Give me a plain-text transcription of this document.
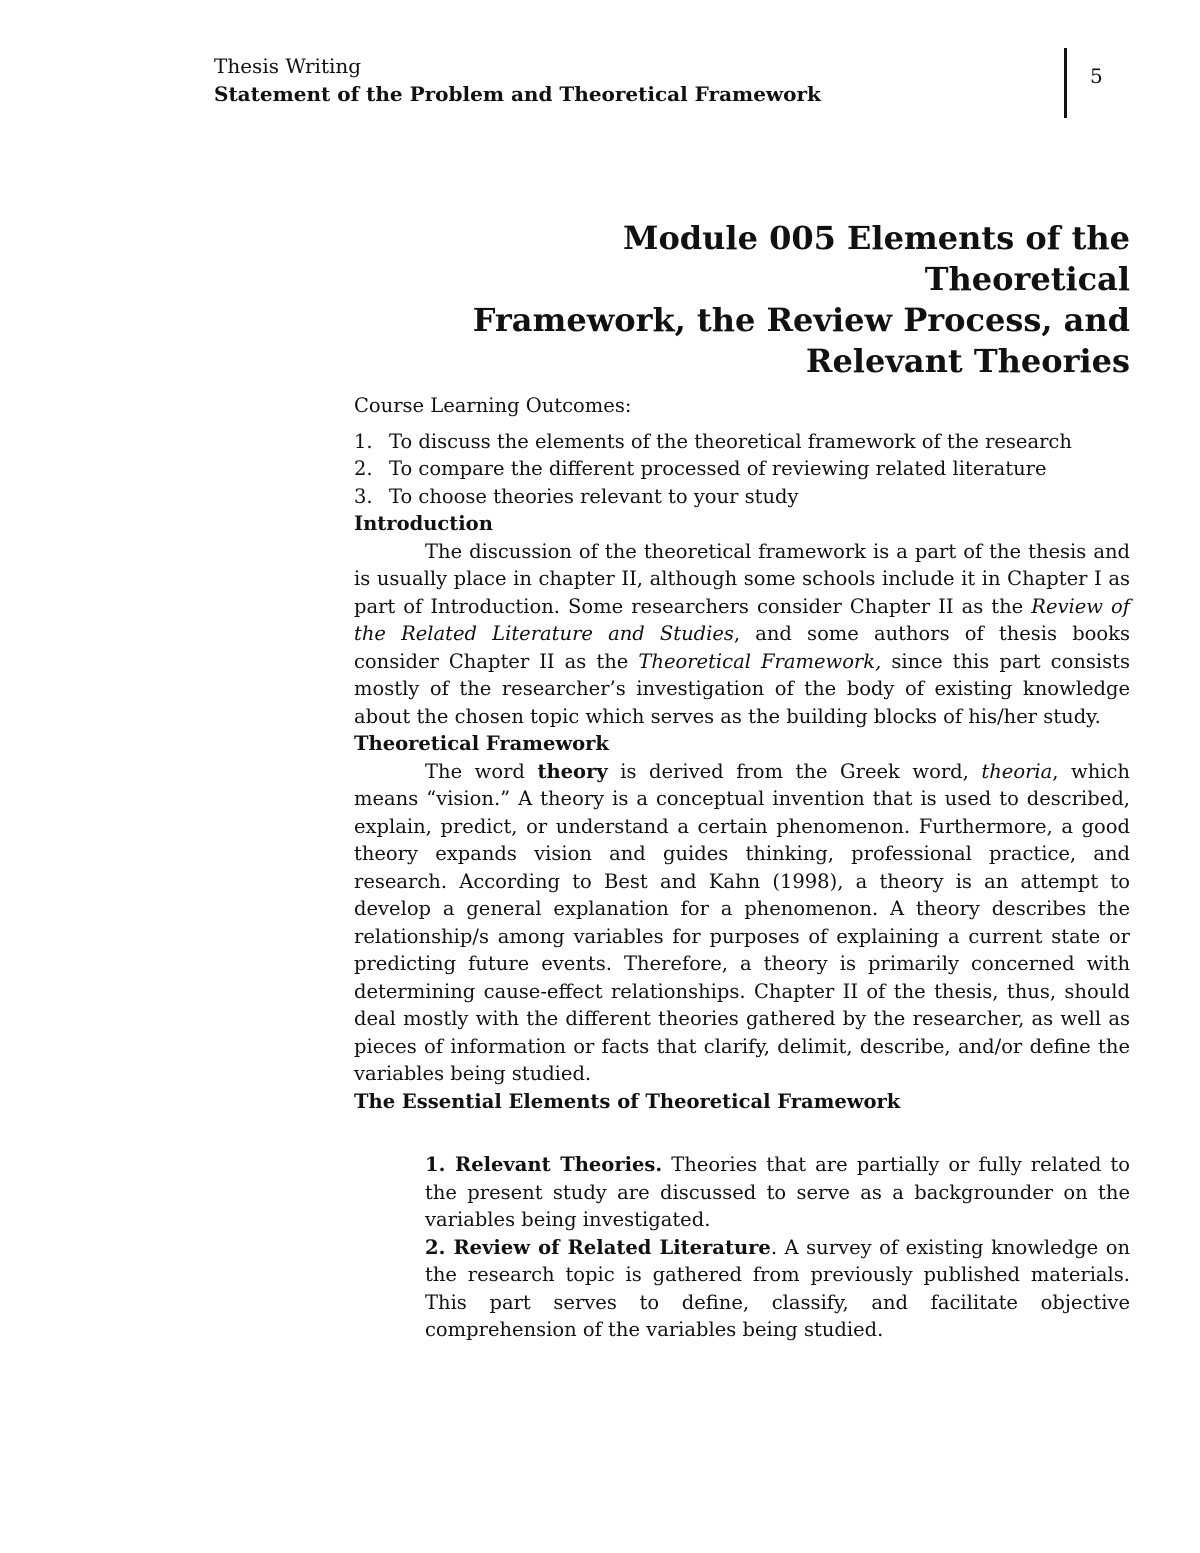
Thesis Writing
Statement of the Problem and Theoretical Framework
5
Module 005 Elements of the Theoretical
Framework, the Review Process, and
Relevant Theories
Course Learning Outcomes:
1. To discuss the elements of the theoretical framework of the research
2. To compare the different processed of reviewing related literature
3. To choose theories relevant to your study
Introduction

The discussion of the theoretical framework is a part of the thesis and is usually place in chapter II, although some schools include it in Chapter I as part of Introduction. Some researchers consider Chapter II as the Review of the Related Literature and Studies, and some authors of thesis books consider Chapter II as the Theoretical Framework, since this part consists mostly of the researcher’s investigation of the body of existing knowledge about the chosen topic which serves as the building blocks of his/her study.

Theoretical Framework

The word theory is derived from the Greek word, theoria, which means “vision.” A theory is a conceptual invention that is used to described, explain, predict, or understand a certain phenomenon. Furthermore, a good theory expands vision and guides thinking, professional practice, and research. According to Best and Kahn (1998), a theory is an attempt to develop a general explanation for a phenomenon. A theory describes the relationship/s among variables for purposes of explaining a current state or predicting future events. Therefore, a theory is primarily concerned with determining cause-effect relationships. Chapter II of the thesis, thus, should deal mostly with the different theories gathered by the researcher, as well as pieces of information or facts that clarify, delimit, describe, and/or define the variables being studied.

The Essential Elements of Theoretical Framework

1. Relevant Theories. Theories that are partially or fully related to the present study are discussed to serve as a backgrounder on the variables being investigated.

2. Review of Related Literature. A survey of existing knowledge on the research topic is gathered from previously published materials. This part serves to define, classify, and facilitate objective comprehension of the variables being studied.
